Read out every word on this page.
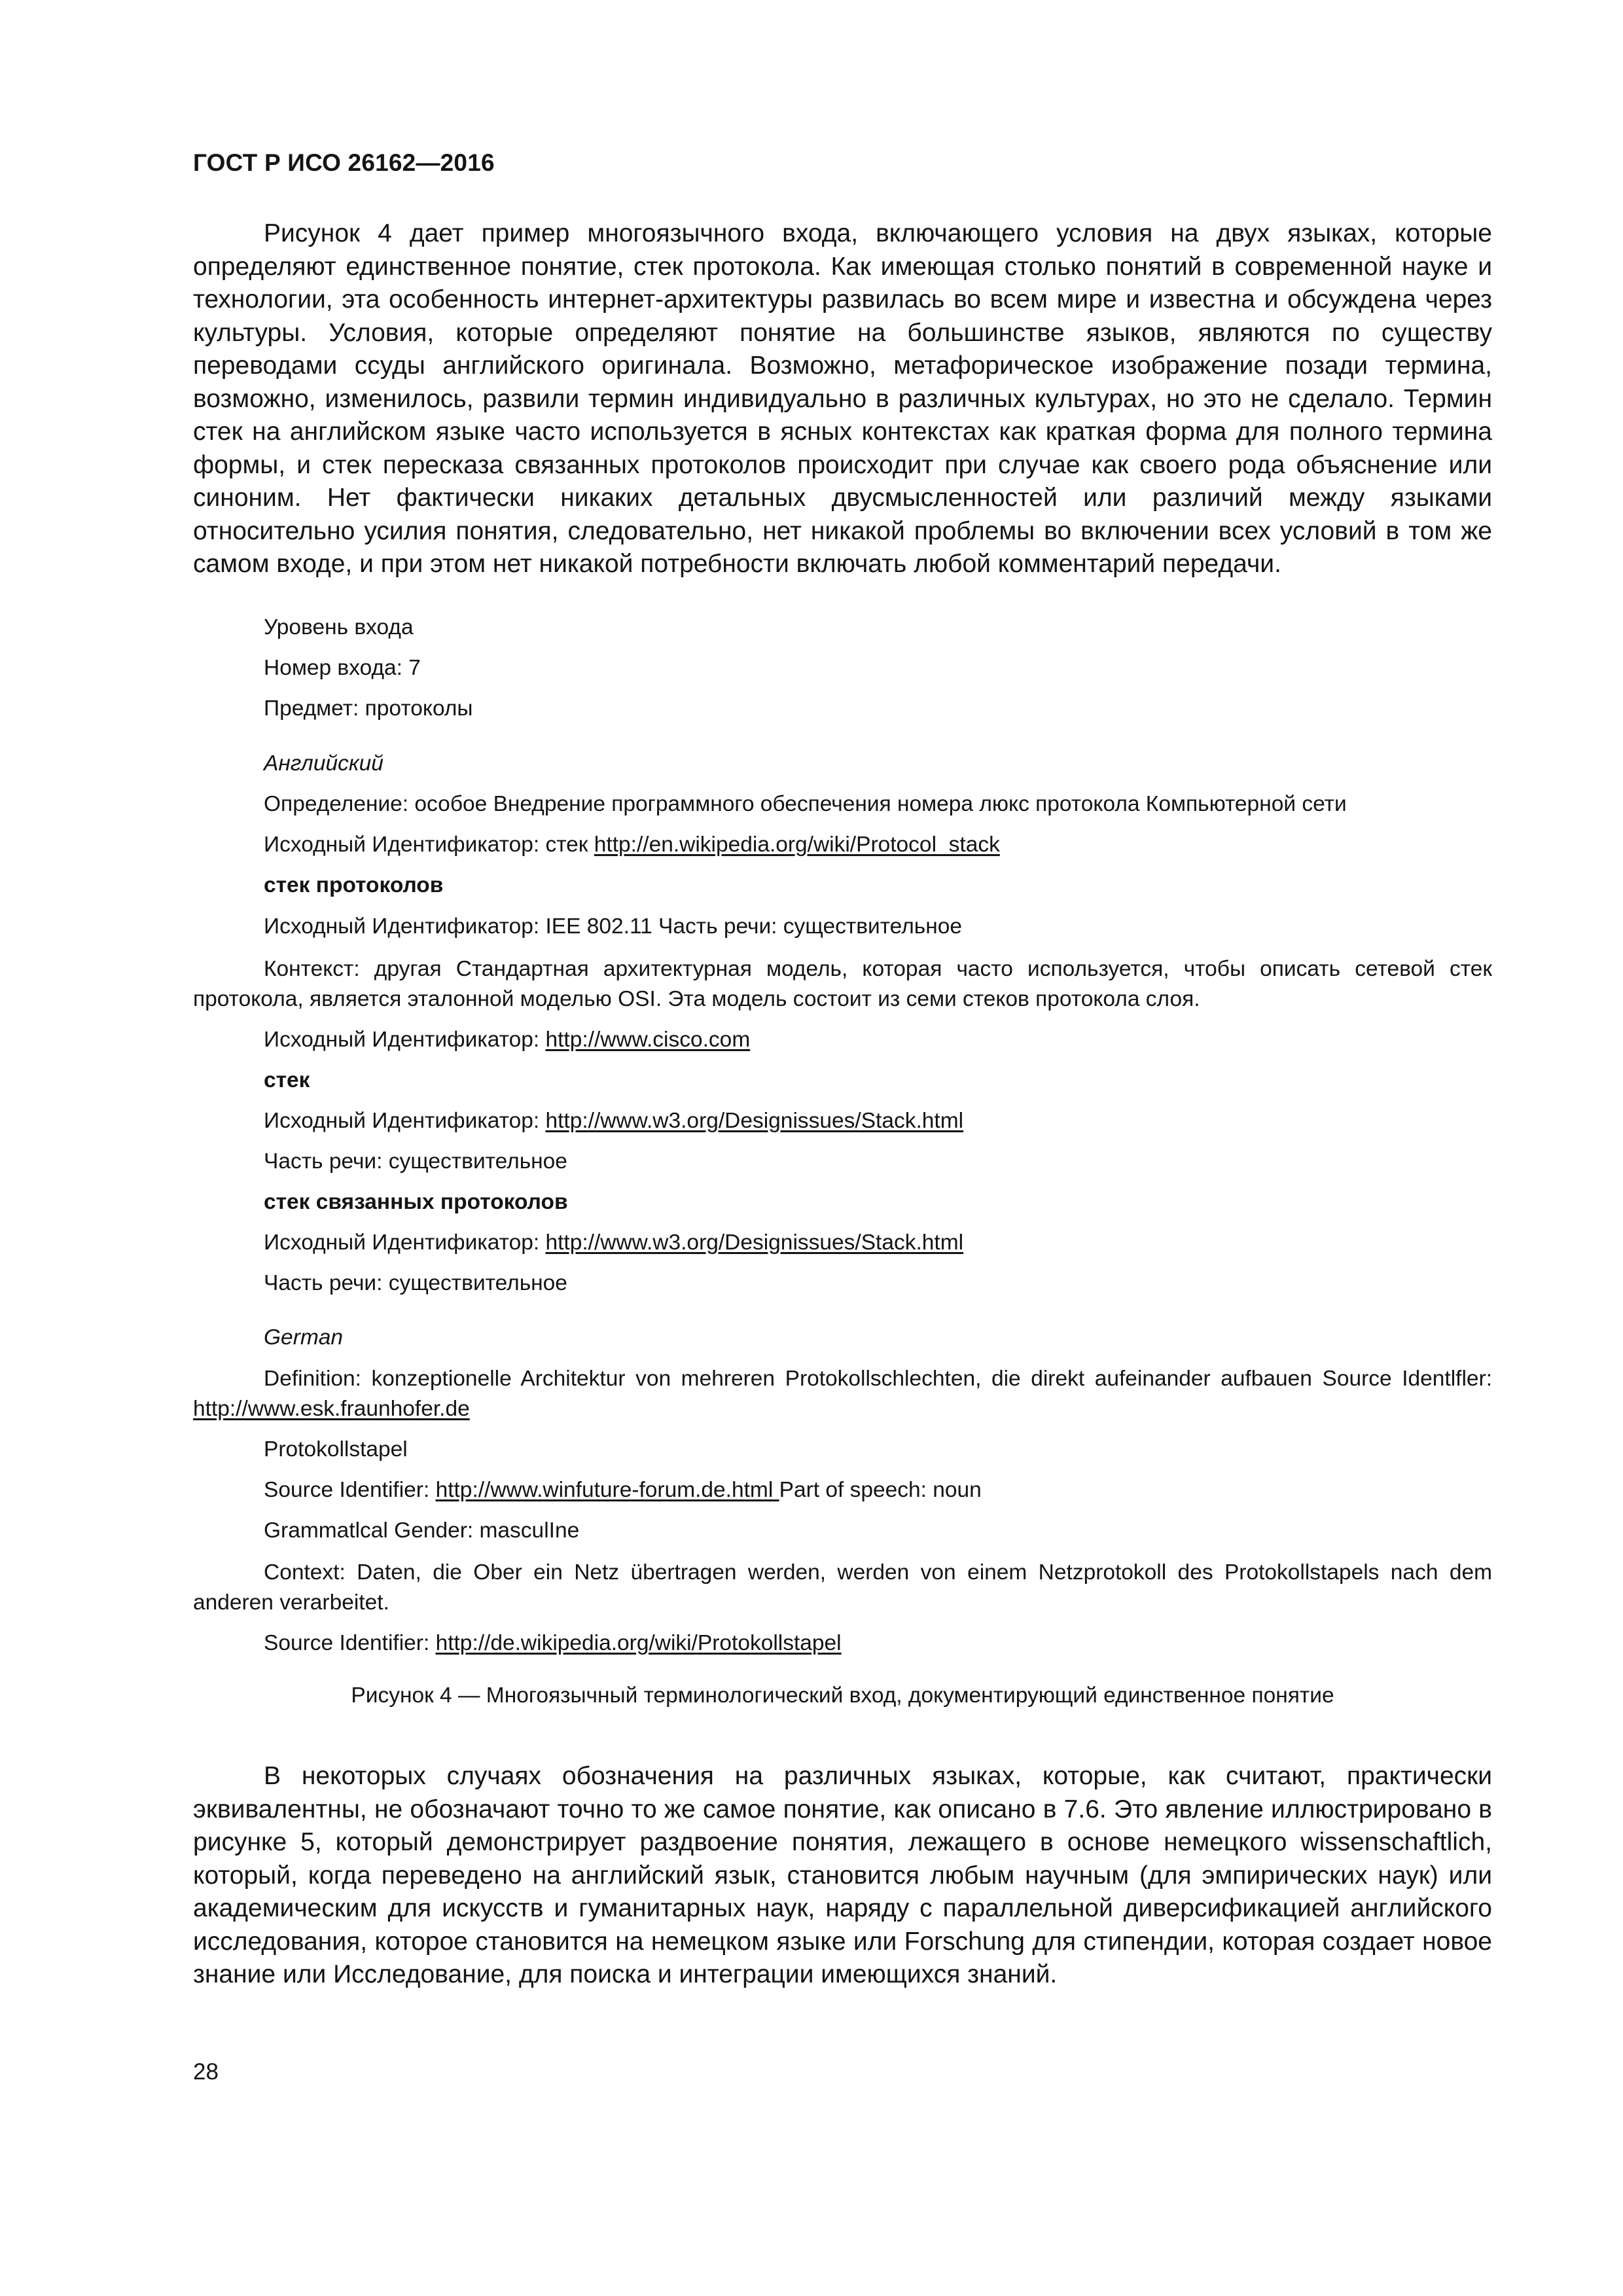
ГОСТ Р ИСО 26162—2016

Рисунок 4 дает пример многоязычного входа, включающего условия на двух языках, которые определяют единственное понятие, стек протокола. Как имеющая столько понятий в современной науке и технологии, эта особенность интернет-архитектуры развилась во всем мире и известна и обсуждена через культуры. Условия, которые определяют понятие на большинстве языков, являются по существу переводами ссуды английского оригинала. Возможно, метафорическое изображение позади термина, возможно, изменилось, развили термин индивидуально в различных культурах, но это не сделало. Термин стек на английском языке часто используется в ясных контекстах как краткая форма для полного термина формы, и стек пересказа связанных протоколов происходит при случае как своего рода объяснение или синоним. Нет фактически никаких детальных двусмысленностей или различий между языками относительно усилия понятия, следовательно, нет никакой проблемы во включении всех условий в том же самом входе, и при этом нет никакой потребности включать любой комментарий передачи.

Уровень входа
Номер входа: 7
Предмет: протоколы
Английский
Определение: особое Внедрение программного обеспечения номера люкс протокола Компьютерной сети
Исходный Идентификатор: стек http://en.wikipedia.org/wiki/Protocol_stack
стек протоколов
Исходный Идентификатор: IEE 802.11 Часть речи: существительное

Контекст: другая Стандартная архитектурная модель, которая часто используется, чтобы описать сетевой стек протокола, является эталонной моделью OSI. Эта модель состоит из семи стеков протокола слоя.

Исходный Идентификатор: http://www.cisco.com
стек
Исходный Идентификатор: http://www.w3.org/Designissues/Stack.html
Часть речи: существительное
стек связанных протоколов
Исходный Идентификатор: http://www.w3.org/Designissues/Stack.html
Часть речи: существительное
German

Definition: konzeptionelle Architektur von mehreren Protokollschlechten, die direkt aufeinander aufbauen Source Identlfler: http://www.esk.fraunhofer.de

Protokollstapel
Source Identifier: http://www.winfuture-forum.de.html Part of speech: noun
Grammatlcal Gender: masculIne

Context: Daten, die Ober ein Netz übertragen werden, werden von einem Netzprotokoll des Protokollstapels nach dem anderen verarbeitet.

Source Identifier: http://de.wikipedia.org/wiki/Protokollstapel
Рисунок 4 — Многоязычный терминологический вход, документирующий единственное понятие

В некоторых случаях обозначения на различных языках, которые, как считают, практически эквивалентны, не обозначают точно то же самое понятие, как описано в 7.6. Это явление иллюстрировано в рисунке 5, который демонстрирует раздвоение понятия, лежащего в основе немецкого wissenschaftlich, который, когда переведено на английский язык, становится любым научным (для эмпирических наук) или академическим для искусств и гуманитарных наук, наряду с параллельной диверсификацией английского исследования, которое становится на немецком языке или Forschung для стипендии, которая создает новое знание или Исследование, для поиска и интеграции имеющихся знаний.

28
